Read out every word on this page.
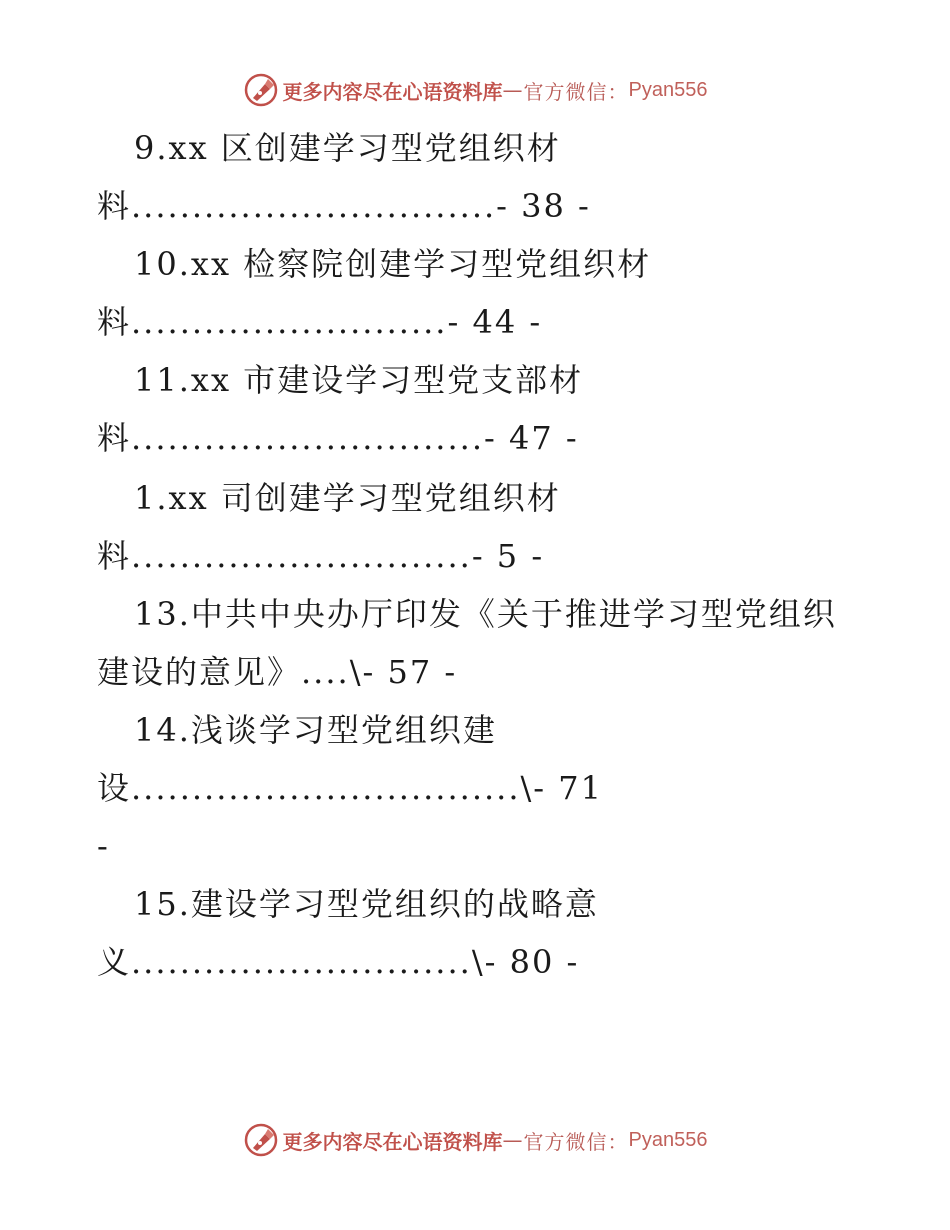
更多内容尽在心语资料库 — 官方微信： Pyan556
9.xx 区创建学习型党组织材
料..............................- 38 -
10.xx 检察院创建学习型党组织材
料..........................- 44 -
11.xx 市建设学习型党支部材
料.............................- 47 -
1.xx 司创建学习型党组织材
料............................- 5 -
13.中共中央办厅印发《关于推进学习型党组织
建设的意见》....\- 57 -
14.浅谈学习型党组织建
设................................\- 71
-
15.建设学习型党组织的战略意
义............................\- 80 -
更多内容尽在心语资料库 — 官方微信： Pyan556
